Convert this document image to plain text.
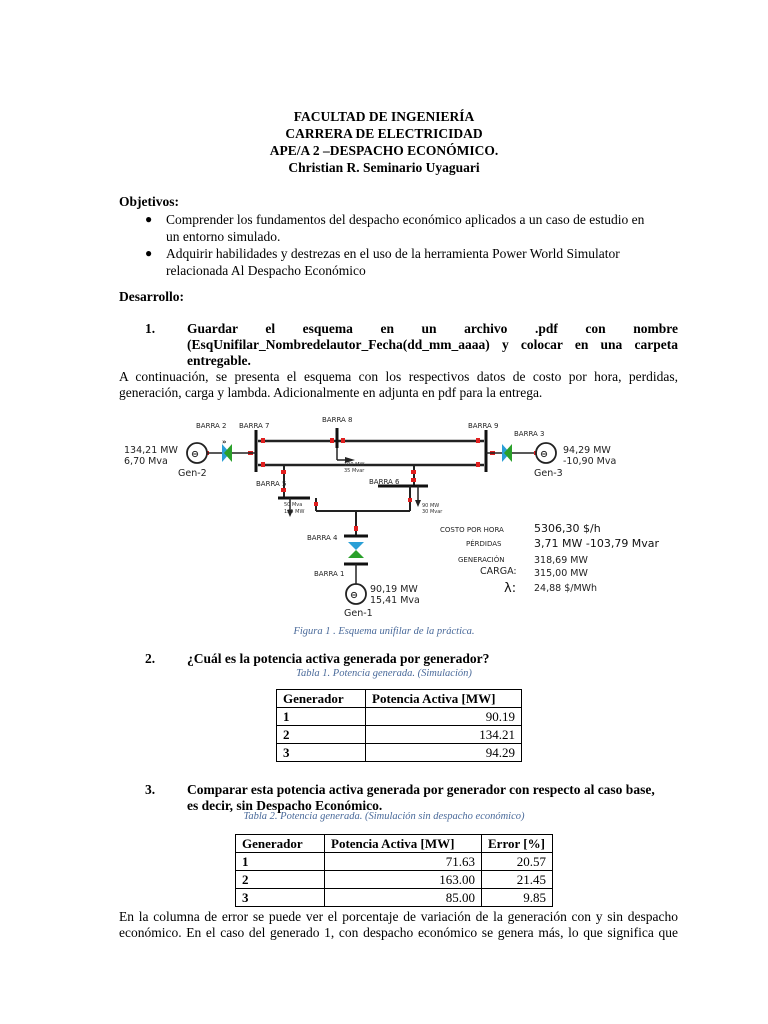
FACULTAD DE INGENIERÍA
CARRERA DE ELECTRICIDAD
APE/A 2 –DESPACHO ECONÓMICO.
Christian R. Seminario Uyaguari
Objetivos:
● Comprender los fundamentos del despacho económico aplicados a un caso de estudio en
un entorno simulado.
● Adquirir habilidades y destrezas en el uso de la herramienta Power World Simulator
relacionada Al Despacho Económico
Desarrollo:
1. Guardar el esquema en un archivo .pdf con nombre
(EsqUnifilar_Nombredelautor_Fecha(dd_mm_aaaa) y colocar en una carpeta
entregable.
A continuación, se presenta el esquema con los respectivos datos de costo por hora, perdidas,
generación, carga y lambda. Adicionalmente en adjunta en pdf para la entrega.
»
⊖	⊖
⊖
BARRA 2 BARRA 7
BARRA 8
BARRA 9
BARRA 3
BARRA 5	BARRA 6
BARRA 4
BARRA 1
134,21 MW
6,70 Mva
Gen-2
94,29 MW
-10,90 Mva
Gen-3
90,19 MW
15,41 Mva
Gen-1
100 MW
35 Mvar
50 Mva
125 MW
90 MW
30 Mvar
COSTO POR HORA	5306,30 $/h
PÉRDIDAS	3,71 MW -103,79 Mvar
GENERACIÓN	318,69 MW
CARGA: 315,00 MW
λ: 24,88 $/MWh
Figura 1 . Esquema unifilar de la práctica.
2. ¿Cuál es la potencia activa generada por generador?
Tabla 1. Potencia generada. (Simulación)
Generador	Potencia Activa [MW]
1	90.19
2	134.21
3	94.29
3. Comparar esta potencia activa generada por generador con respecto al caso base,
es decir, sin Despacho Económico.
Tabla 2. Potencia generada. (Simulación sin despacho económico)
Generador	Potencia Activa [MW]	Error [%]
1	71.63	20.57
2	163.00	21.45
3	85.00	9.85
En la columna de error se puede ver el porcentaje de variación de la generación con y sin despacho
económico. En el caso del generado 1, con despacho económico se genera más, lo que significa que
